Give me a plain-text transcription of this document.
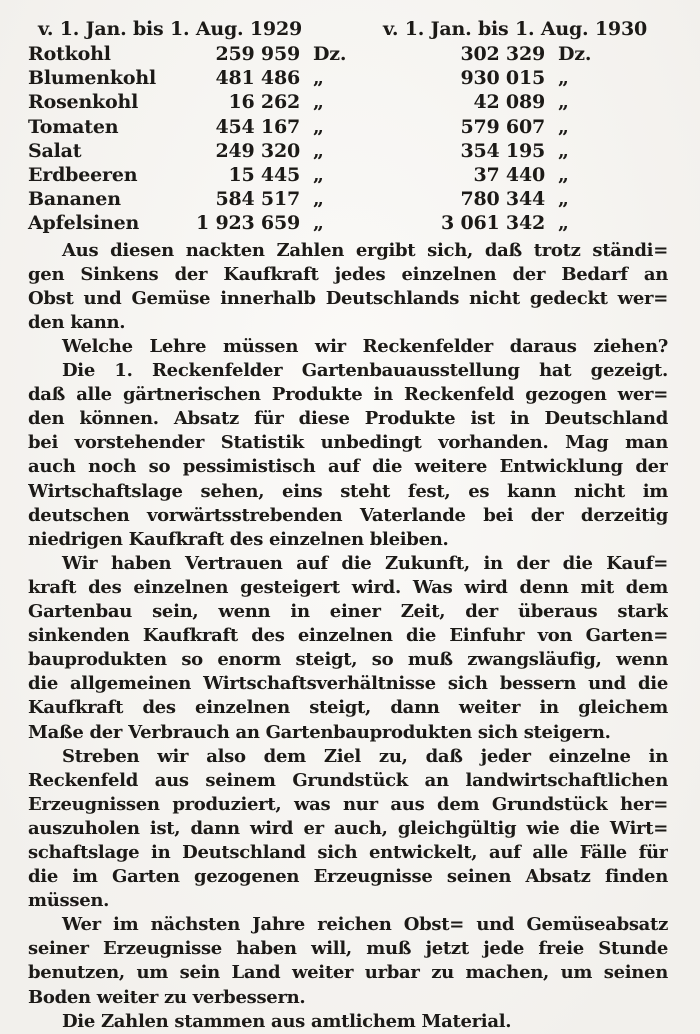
v. 1. Jan. bis 1. Aug. 1929	v. 1. Jan. bis 1. Aug. 1930
Rotkohl	259 959 Dz.	302 329 Dz.
Blumenkohl	481 486 „	930 015 „
Rosenkohl	16 262 „	42 089 „
Tomaten	454 167 „	579 607 „
Salat	249 320 „	354 195 „
Erdbeeren	15 445 „	37 440 „
Bananen	584 517 „	780 344 „
Apfelsinen	1 923 659 „	3 061 342 „
Aus diesen nackten Zahlen ergibt sich, daß trotz ständi=
gen Sinkens der Kaufkraft jedes einzelnen der Bedarf an
Obst und Gemüse innerhalb Deutschlands nicht gedeckt wer=
den kann.
Welche Lehre müssen wir Reckenfelder daraus ziehen?
Die 1. Reckenfelder Gartenbauausstellung hat gezeigt.
daß alle gärtnerischen Produkte in Reckenfeld gezogen wer=
den können. Absatz für diese Produkte ist in Deutschland
bei vorstehender Statistik unbedingt vorhanden. Mag man
auch noch so pessimistisch auf die weitere Entwicklung der
Wirtschaftslage sehen, eins steht fest, es kann nicht im
deutschen vorwärtsstrebenden Vaterlande bei der derzeitig
niedrigen Kaufkraft des einzelnen bleiben.
Wir haben Vertrauen auf die Zukunft, in der die Kauf=
kraft des einzelnen gesteigert wird. Was wird denn mit dem
Gartenbau sein, wenn in einer Zeit, der überaus stark
sinkenden Kaufkraft des einzelnen die Einfuhr von Garten=
bauprodukten so enorm steigt, so muß zwangsläufig, wenn
die allgemeinen Wirtschaftsverhältnisse sich bessern und die
Kaufkraft des einzelnen steigt, dann weiter in gleichem
Maße der Verbrauch an Gartenbauprodukten sich steigern.
Streben wir also dem Ziel zu, daß jeder einzelne in
Reckenfeld aus seinem Grundstück an landwirtschaftlichen
Erzeugnissen produziert, was nur aus dem Grundstück her=
auszuholen ist, dann wird er auch, gleichgültig wie die Wirt=
schaftslage in Deutschland sich entwickelt, auf alle Fälle für
die im Garten gezogenen Erzeugnisse seinen Absatz finden
müssen.
Wer im nächsten Jahre reichen Obst= und Gemüseabsatz
seiner Erzeugnisse haben will, muß jetzt jede freie Stunde
benutzen, um sein Land weiter urbar zu machen, um seinen
Boden weiter zu verbessern.
Die Zahlen stammen aus amtlichem Material.
